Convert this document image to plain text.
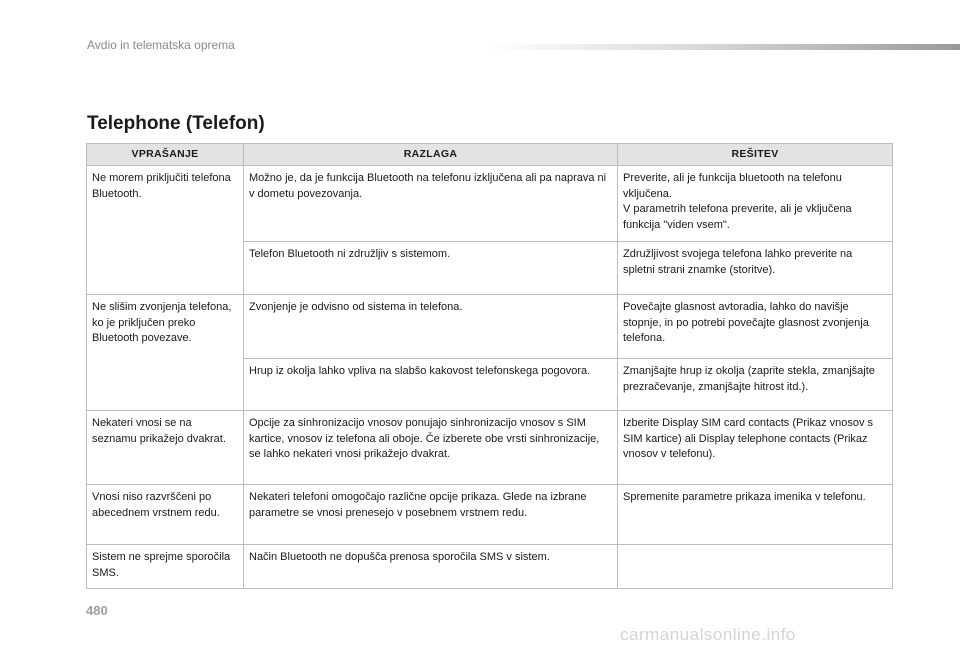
Avdio in telematska oprema
Telephone (Telefon)
VPRAŠANJE	RAZLAGA	REŠITEV
Ne morem priključiti telefona Bluetooth.	Možno je, da je funkcija Bluetooth na telefonu izključena ali pa naprava ni v dometu povezovanja.	Preverite, ali je funkcija bluetooth na telefonu vključena.
V parametrih telefona preverite, ali je vključena funkcija "viden vsem".
	Telefon Bluetooth ni združljiv s sistemom.	Združljivost svojega telefona lahko preverite na spletni strani znamke (storitve).
Ne slišim zvonjenja telefona, ko je priključen preko Bluetooth povezave.	Zvonjenje je odvisno od sistema in telefona.	Povečajte glasnost avtoradia, lahko do navišje stopnje, in po potrebi povečajte glasnost zvonjenja telefona.
	Hrup iz okolja lahko vpliva na slabšo kakovost telefonskega pogovora.	Zmanjšajte hrup iz okolja (zaprite stekla, zmanjšajte prezračevanje, zmanjšajte hitrost itd.).
Nekateri vnosi se na seznamu prikažejo dvakrat.	Opcije za sinhronizacijo vnosov ponujajo sinhronizacijo vnosov s SIM kartice, vnosov iz telefona ali oboje. Če izberete obe vrsti sinhronizacije, se lahko nekateri vnosi prikažejo dvakrat.	Izberite Display SIM card contacts (Prikaz vnosov s SIM kartice) ali Display telephone contacts (Prikaz vnosov v telefonu).
Vnosi niso razvrščeni po abecednem vrstnem redu.	Nekateri telefoni omogočajo različne opcije prikaza. Glede na izbrane parametre se vnosi prenesejo v posebnem vrstnem redu.	Spremenite parametre prikaza imenika v telefonu.
Sistem ne sprejme sporočila SMS.	Način Bluetooth ne dopušča prenosa sporočila SMS v sistem.	
480
carmanualsonline.info
